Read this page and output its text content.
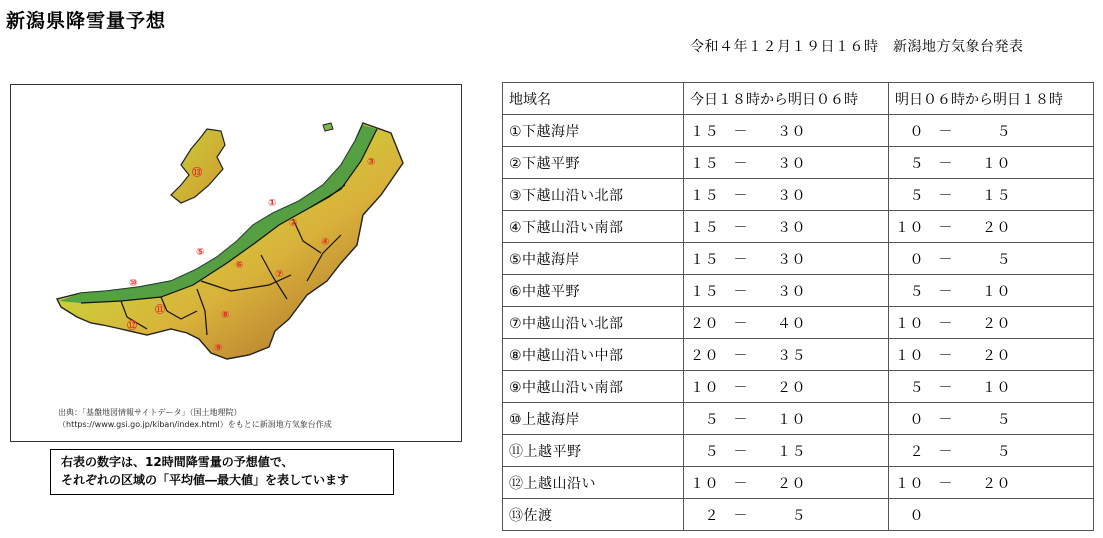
新潟県降雪量予想
令和４年１２月１９日１６時　新潟地方気象台発表
①
②
③
④
⑤
⑥
⑦
⑧
⑨
⑩
⑪
⑫
⑬
出典：「基盤地図情報サイトデータ」（国土地理院）
（https://www.gsi.go.jp/kiban/index.html）をもとに新潟地方気象台作成
右表の数字は、12時間降雪量の予想値で、
それぞれの区域の「平均値―最大値」を表しています
地域名	今日１８時から明日０６時	明日０６時から明日１８時
①下越海岸	１５　－　　３０	　０　－　　　５
②下越平野	１５　－　　３０	　５　－　　１０
③下越山沿い北部	１５　－　　３０	　５　－　　１５
④下越山沿い南部	１５　－　　３０	１０　－　　２０
⑤中越海岸	１５　－　　３０	　０　－　　　５
⑥中越平野	１５　－　　３０	　５　－　　１０
⑦中越山沿い北部	２０　－　　４０	１０　－　　２０
⑧中越山沿い中部	２０　－　　３５	１０　－　　２０
⑨中越山沿い南部	１０　－　　２０	　５　－　　１０
⑩上越海岸	　５　－　　１０	　０　－　　　５
⑪上越平野	　５　－　　１５	　２　－　　　５
⑫上越山沿い	１０　－　　２０	１０　－　　２０
⑬佐渡	　２　－　　　５	　０
